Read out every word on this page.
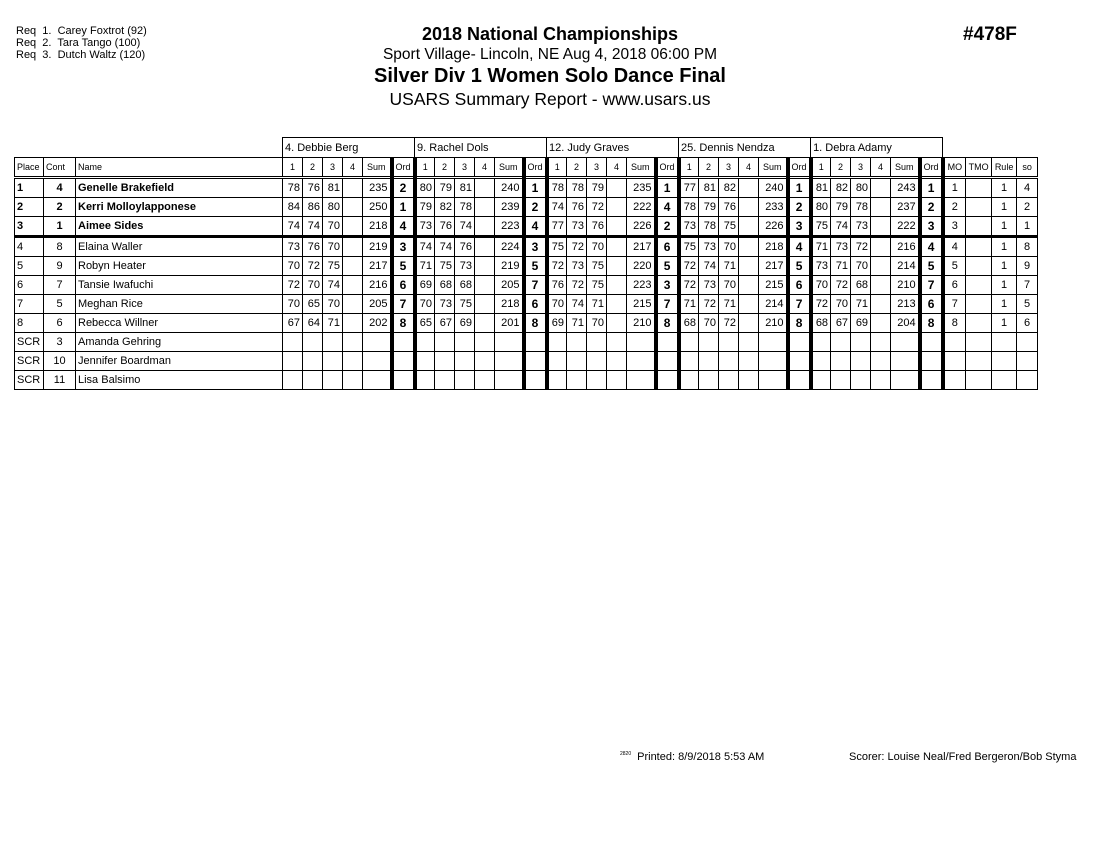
Req  1.  Carey Foxtrot (92)
Req  2.  Tara Tango (100)
Req  3.  Dutch Waltz (120)
2018 National Championships
Sport Village- Lincoln, NE Aug 4, 2018 06:00 PM
Silver Div 1 Women Solo Dance Final
USARS Summary Report - www.usars.us
#478F
			4. Debbie Berg						9. Rachel Dols						12. Judy Graves						25. Dennis Nendza						1. Debra Adamy									
Place	Cont	Name	1	2	3	4	Sum	Ord	1	2	3	4	Sum	Ord	1	2	3	4	Sum	Ord	1	2	3	4	Sum	Ord	1	2	3	4	Sum	Ord	MO	TMO	Rule	so
1	4	Genelle Brakefield	78	76	81		235	2	80	79	81		240	1	78	78	79		235	1	77	81	82		240	1	81	82	80		243	1	1		1	4
2	2	Kerri Molloylapponese	84	86	80		250	1	79	82	78		239	2	74	76	72		222	4	78	79	76		233	2	80	79	78		237	2	2		1	2
3	1	Aimee Sides	74	74	70		218	4	73	76	74		223	4	77	73	76		226	2	73	78	75		226	3	75	74	73		222	3	3		1	1
4	8	Elaina Waller	73	76	70		219	3	74	74	76		224	3	75	72	70		217	6	75	73	70		218	4	71	73	72		216	4	4		1	8
5	9	Robyn Heater	70	72	75		217	5	71	75	73		219	5	72	73	75		220	5	72	74	71		217	5	73	71	70		214	5	5		1	9
6	7	Tansie Iwafuchi	72	70	74		216	6	69	68	68		205	7	76	72	75		223	3	72	73	70		215	6	70	72	68		210	7	6		1	7
7	5	Meghan Rice	70	65	70		205	7	70	73	75		218	6	70	74	71		215	7	71	72	71		214	7	72	70	71		213	6	7		1	5
8	6	Rebecca Willner	67	64	71		202	8	65	67	69		201	8	69	71	70		210	8	68	70	72		210	8	68	67	69		204	8	8		1	6
SCR	3	Amanda Gehring																																		
SCR	10	Jennifer Boardman																																		
SCR	11	Lisa Balsimo																																		
$^{2820}$ Printed: 8/9/2018 5:53 AM	Scorer: Louise Neal/Fred Bergeron/Bob Styma
